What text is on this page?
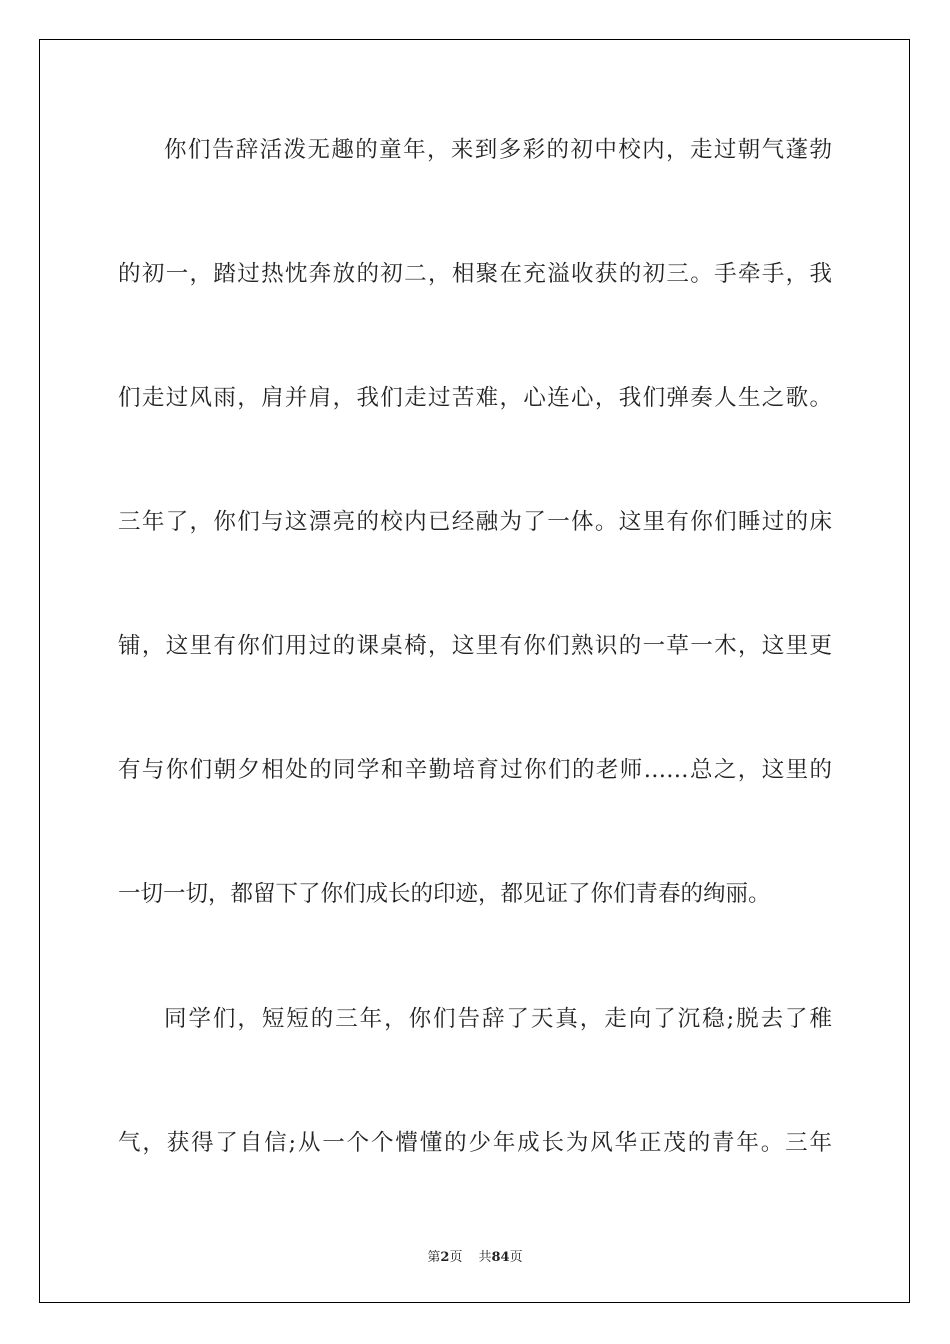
你们告辞活泼无趣的童年，来到多彩的初中校内，走过朝气蓬勃
的初一，踏过热忱奔放的初二，相聚在充溢收获的初三。手牵手，我
们走过风雨，肩并肩，我们走过苦难，心连心，我们弹奏人生之歌。
三年了，你们与这漂亮的校内已经融为了一体。这里有你们睡过的床
铺，这里有你们用过的课桌椅，这里有你们熟识的一草一木，这里更
有与你们朝夕相处的同学和辛勤培育过你们的老师……总之，这里的
一切一切，都留下了你们成长的印迹，都见证了你们青春的绚丽。
同学们，短短的三年，你们告辞了天真，走向了沉稳;脱去了稚
气，获得了自信;从一个个懵懂的少年成长为风华正茂的青年。三年
第2页 共84页
